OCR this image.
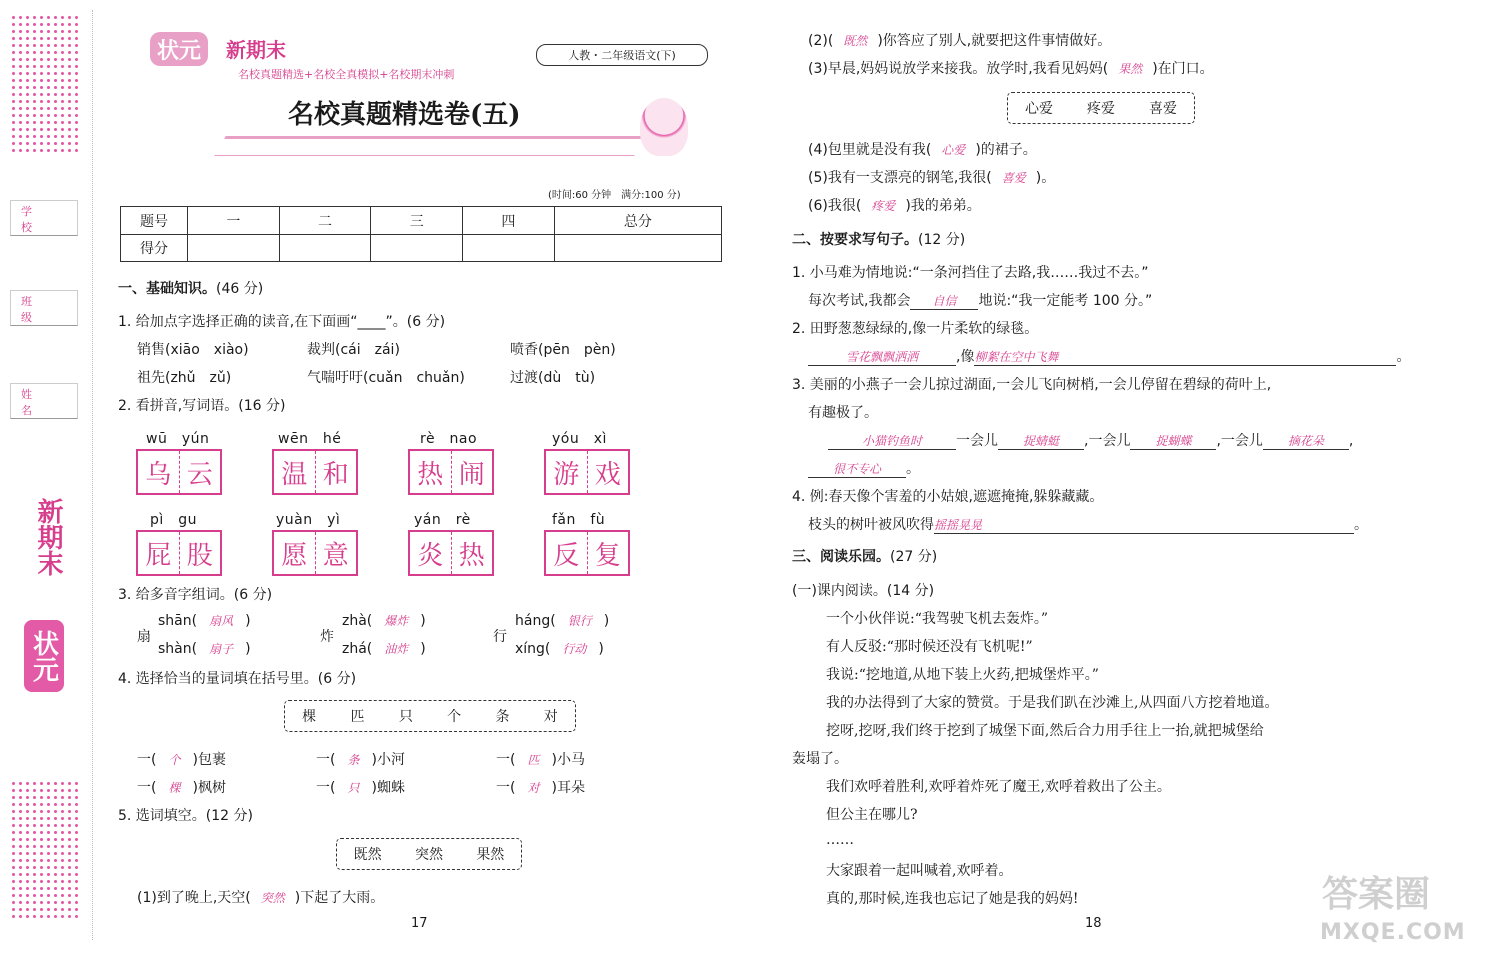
学校
班级
姓名
新期末
状元
状元	新期末
名校真题精选+名校全真模拟+名校期末冲刺
人教・二年级语文(下)
名校真题精选卷(五)
(时间:60 分钟　满分:100 分)
题号	一	二	三	四	总分
得分					
一、基础知识。(46 分)
1. 给加点字选择正确的读音,在下面画“____”。(6 分)
销售(xiāo　xiào)	裁判(cái　zái)	喷香(pēn　pèn)
祖先(zhǔ　zǔ)	气喘吁吁(cuǎn　chuǎn)	过渡(dù　tù)
2. 看拼音,写词语。(16 分)
wū　yún	wēn　hé	rè　nao	yóu　xì
乌 云	温 和	热 闹	游 戏
pì　gu	yuàn　yì	yán　rè	fǎn　fù
屁 股	愿 意	炎 热	反 复
3. 给多音字组词。(6 分)
扇
shān( 扇风 )
shàn( 扇子 )
炸
zhà( 爆炸 )
zhá( 油炸 )
行
háng( 银行 )
xíng( 行动 )
4. 选择恰当的量词填在括号里。(6 分)
棵 匹 只 个 条 对
一( 个 )包裹	一( 条 )小河	一( 匹 )小马
一( 棵 )枫树	一( 只 )蜘蛛	一( 对 )耳朵
5. 选词填空。(12 分)
既然 突然 果然
(1)到了晚上,天空( 突然 )下起了大雨。
17
(2)( 既然 )你答应了别人,就要把这件事情做好。
(3)早晨,妈妈说放学来接我。放学时,我看见妈妈( 果然 )在门口。
心爱 疼爱 喜爱
(4)包里就是没有我( 心爱 )的裙子。
(5)我有一支漂亮的钢笔,我很( 喜爱 )。
(6)我很( 疼爱 )我的弟弟。
二、按要求写句子。(12 分)
1. 小马难为情地说:“一条河挡住了去路,我……我过不去。”
每次考试,我都会 自信 地说:“我一定能考 100 分。”
2. 田野葱葱绿绿的,像一片柔软的绿毯。
雪花飘飘洒洒	,像柳絮在空中飞舞	。
3. 美丽的小燕子一会儿掠过湖面,一会儿飞向树梢,一会儿停留在碧绿的荷叶上,
有趣极了。
小猫钓鱼时 一会儿 捉蜻蜓 ,一会儿 捉蝴蝶 ,一会儿 摘花朵 ,
很不专心 。
4. 例:春天像个害羞的小姑娘,遮遮掩掩,躲躲藏藏。
枝头的树叶被风吹得摇摇晃晃	。
三、阅读乐园。(27 分)
(一)课内阅读。(14 分)
一个小伙伴说:“我驾驶飞机去轰炸。”
有人反驳:“那时候还没有飞机呢!”
我说:“挖地道,从地下装上火药,把城堡炸平。”
我的办法得到了大家的赞赏。于是我们趴在沙滩上,从四面八方挖着地道。
挖呀,挖呀,我们终于挖到了城堡下面,然后合力用手往上一抬,就把城堡给
轰塌了。
我们欢呼着胜利,欢呼着炸死了魔王,欢呼着救出了公主。
但公主在哪儿?
……
大家跟着一起叫喊着,欢呼着。
真的,那时候,连我也忘记了她是我的妈妈!
18
答案圈
MXQE.COM
